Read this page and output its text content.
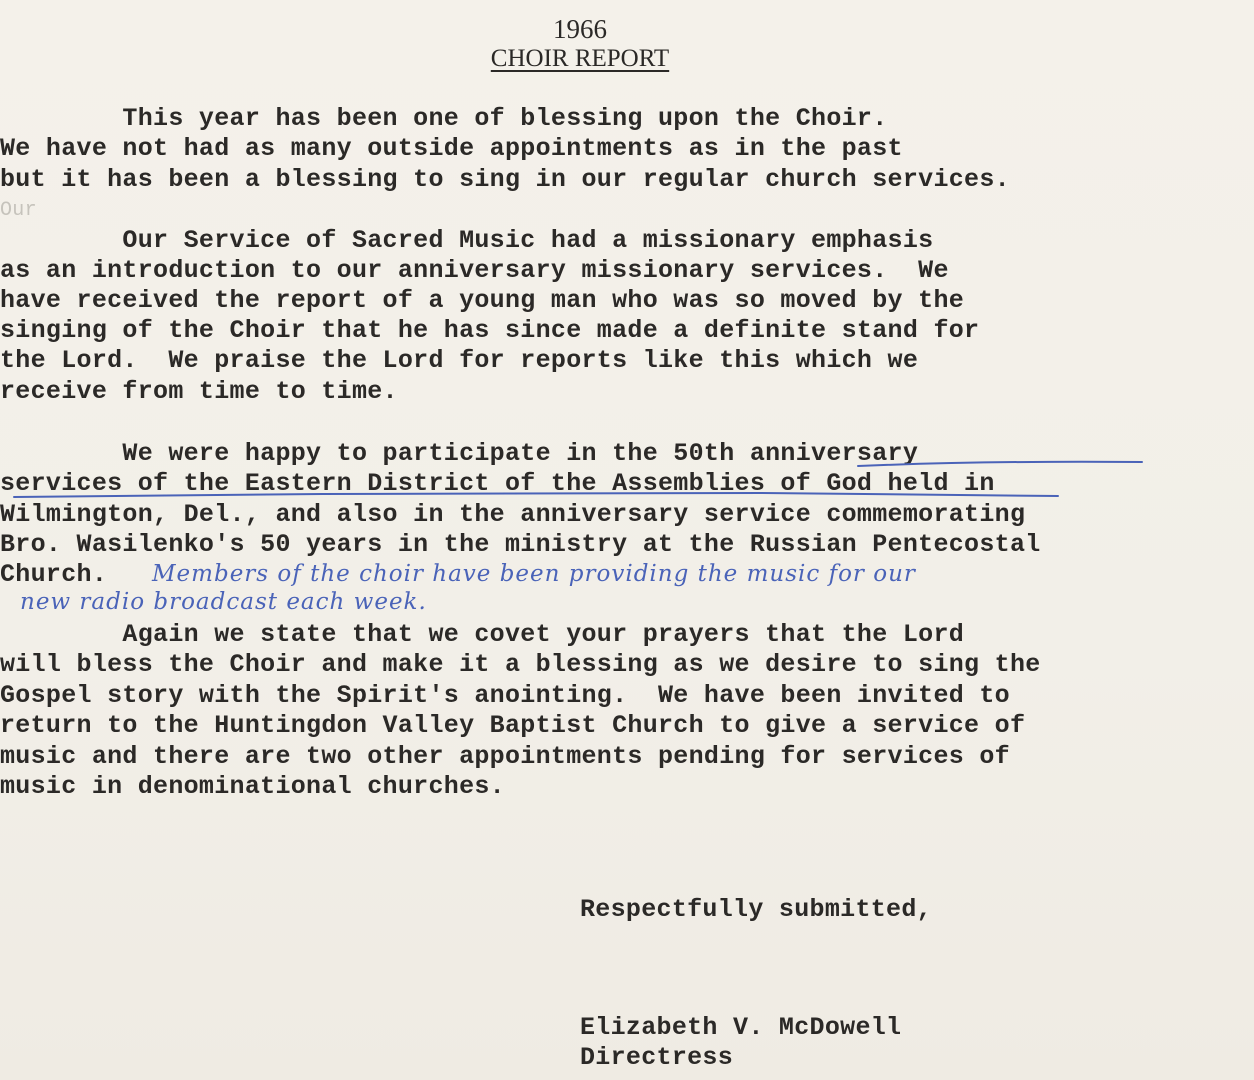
1966
CHOIR REPORT
This year has been one of blessing upon the Choir.
We have not had as many outside appointments as in the past
but it has been a blessing to sing in our regular church services.
Our
Our Service of Sacred Music had a missionary emphasis
as an introduction to our anniversary missionary services.  We
have received the report of a young man who was so moved by the
singing of the Choir that he has since made a definite stand for
the Lord.  We praise the Lord for reports like this which we
receive from time to time.
We were happy to participate in the 50th anniversary
services of the Eastern District of the Assemblies of God held in
Wilmington, Del., and also in the anniversary service commemorating
Bro. Wasilenko's 50 years in the ministry at the Russian Pentecostal
Church. Members of the choir have been providing the music for our
new radio broadcast each week.
Again we state that we covet your prayers that the Lord
will bless the Choir and make it a blessing as we desire to sing the
Gospel story with the Spirit's anointing.  We have been invited to
return to the Huntingdon Valley Baptist Church to give a service of
music and there are two other appointments pending for services of
music in denominational churches.
Respectfully submitted,
Elizabeth V. McDowell
Directress
